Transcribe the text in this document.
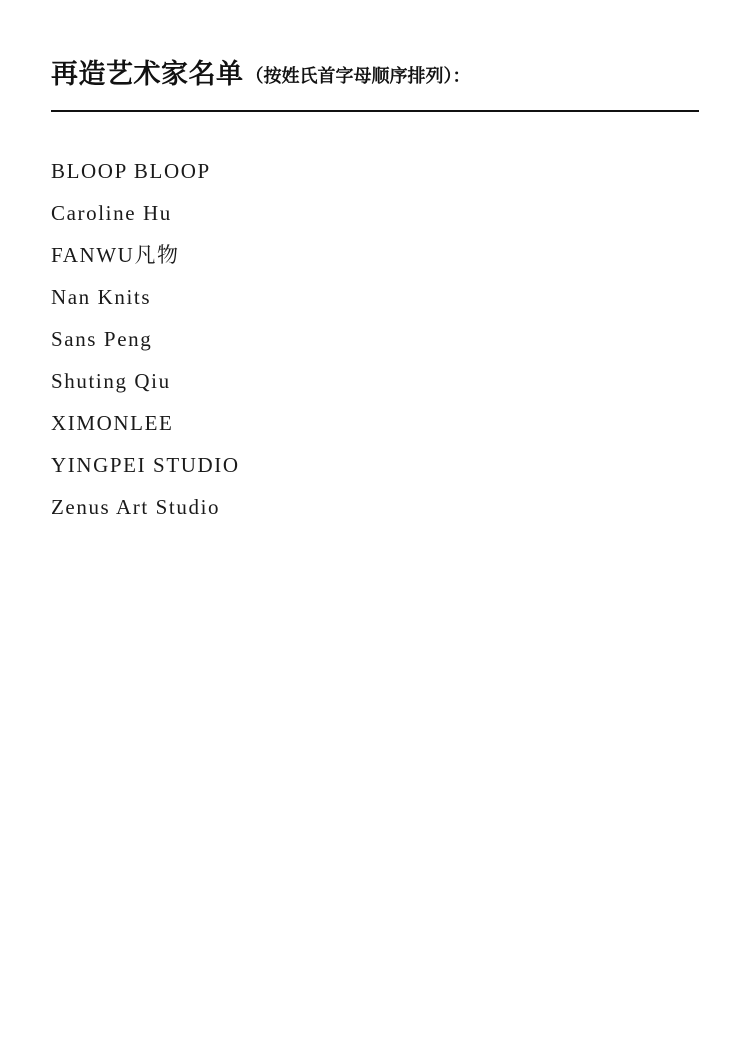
再造艺术家名单 （按姓氏首字母顺序排列）：
BLOOP BLOOP
Caroline Hu
FANWU凡物
Nan Knits
Sans Peng
Shuting Qiu
XIMONLEE
YINGPEI STUDIO
Zenus Art Studio
